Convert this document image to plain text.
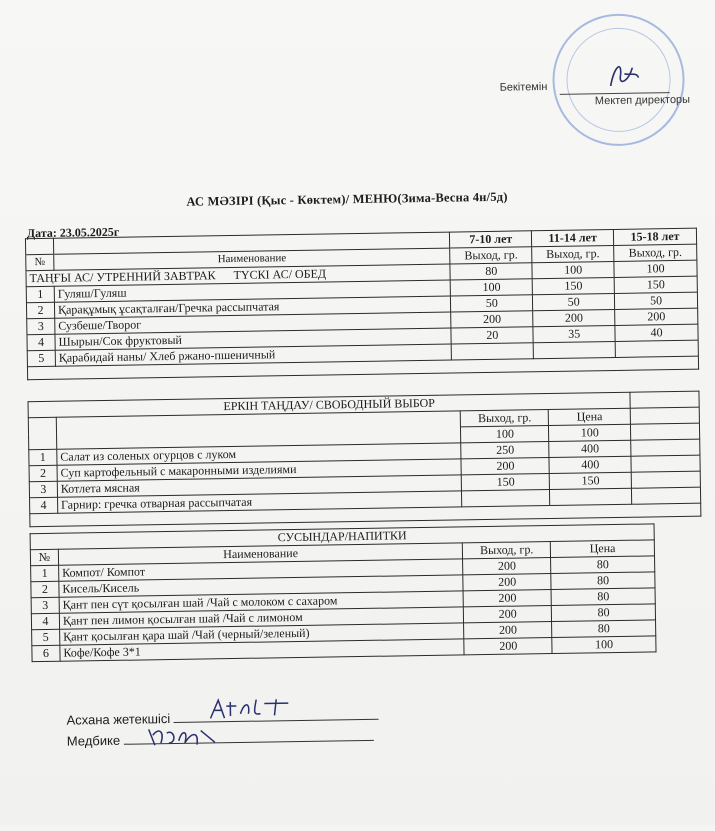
Бекітемін
Мектеп директоры
АС МӘЗІРІ (Қыс - Көктем)/ МЕНЮ(Зима-Весна 4н/5д)
Дата: 23.05.2025г
			7-10 лет	11-14 лет	15-18 лет
№	Наименование	Выход, гр.	Выход, гр.	Выход, гр.
ТАҢҒЫ АС/ УТРЕННИЙ ЗАВТРАК      ТҮСКІ АС/ ОБЕД		80	100	100
1	Гуляш/Гуляш	100	150	150
2	Қарақұмық ұсақталған/Гречка рассыпчатая	50	50	50
3	Сузбеше/Творог	200	200	200
4	Шырын/Сок фруктовый	20	35	40
5	Қарабидай наны/ Хлеб ржано-пшеничный			

ЕРКІН ТАҢДАУ/ СВОБОДНЫЙ ВЫБОР				
		Выход, гр.	Цена	
		100	100	
1	Салат из соленых огурцов с луком	250	400	
2	Суп картофельный с макаронными изделиями	200	400	
3	Котлета мясная	150	150	
4	Гарнир: гречка отварная рассыпчатая			

СУСЫНДАР/НАПИТКИ			
№	Наименование	Выход, гр.	Цена
1	Компот/ Компот	200	80
2	Кисель/Кисель	200	80
3	Қант пен сүт қосылған шай /Чай с молоком с сахаром	200	80
4	Қант пен лимон қосылған шай /Чай с лимоном	200	80
5	Қант қосылған қара шай /Чай (черный/зеленый)	200	80
6	Кофе/Кофе 3*1	200	100
Асхана жетекшісі
Медбике
